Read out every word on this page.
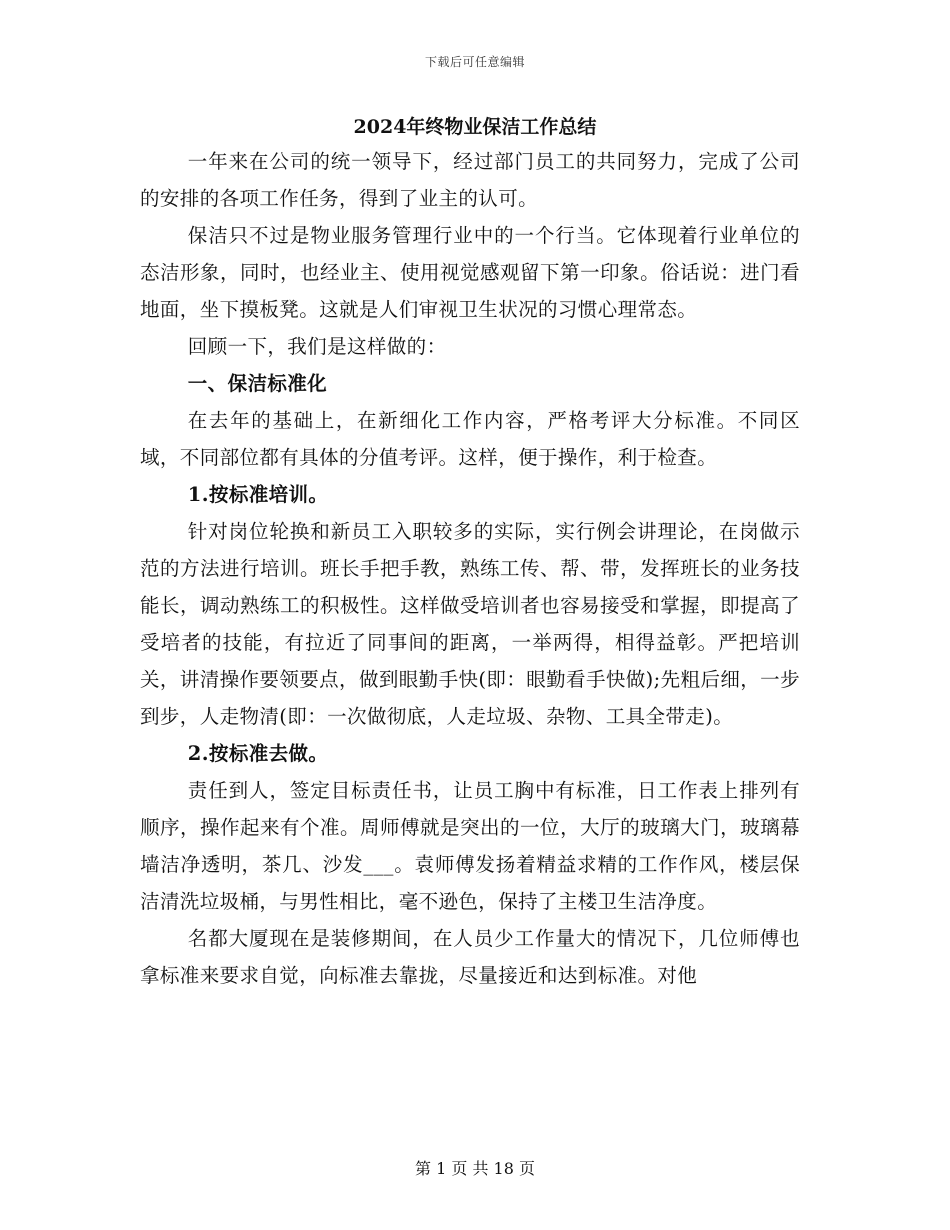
下载后可任意编辑
2024年终物业保洁工作总结

一年来在公司的统一领导下，经过部门员工的共同努力，完成了公司的安排的各项工作任务，得到了业主的认可。

保洁只不过是物业服务管理行业中的一个行当。它体现着行业单位的态洁形象，同时，也经业主、使用视觉感观留下第一印象。俗话说：进门看地面，坐下摸板凳。这就是人们审视卫生状况的习惯心理常态。

回顾一下，我们是这样做的：

一、保洁标准化

在去年的基础上，在新细化工作内容，严格考评大分标准。不同区域，不同部位都有具体的分值考评。这样，便于操作，利于检查。

1.按标准培训。

针对岗位轮换和新员工入职较多的实际，实行例会讲理论，在岗做示范的方法进行培训。班长手把手教，熟练工传、帮、带，发挥班长的业务技能长，调动熟练工的积极性。这样做受培训者也容易接受和掌握，即提高了受培者的技能，有拉近了同事间的距离，一举两得，相得益彰。严把培训关，讲清操作要领要点，做到眼勤手快(即：眼勤看手快做);先粗后细，一步到步，人走物清(即：一次做彻底，人走垃圾、杂物、工具全带走)。

2.按标准去做。

责任到人，签定目标责任书，让员工胸中有标准，日工作表上排列有顺序，操作起来有个准。周师傅就是突出的一位，大厅的玻璃大门，玻璃幕墙洁净透明，茶几、沙发___。袁师傅发扬着精益求精的工作作风，楼层保洁清洗垃圾桶，与男性相比，毫不逊色，保持了主楼卫生洁净度。

名都大厦现在是装修期间，在人员少工作量大的情况下，几位师傅也拿标准来要求自觉，向标准去靠拢，尽量接近和达到标准。对他

第 1 页 共 18 页
